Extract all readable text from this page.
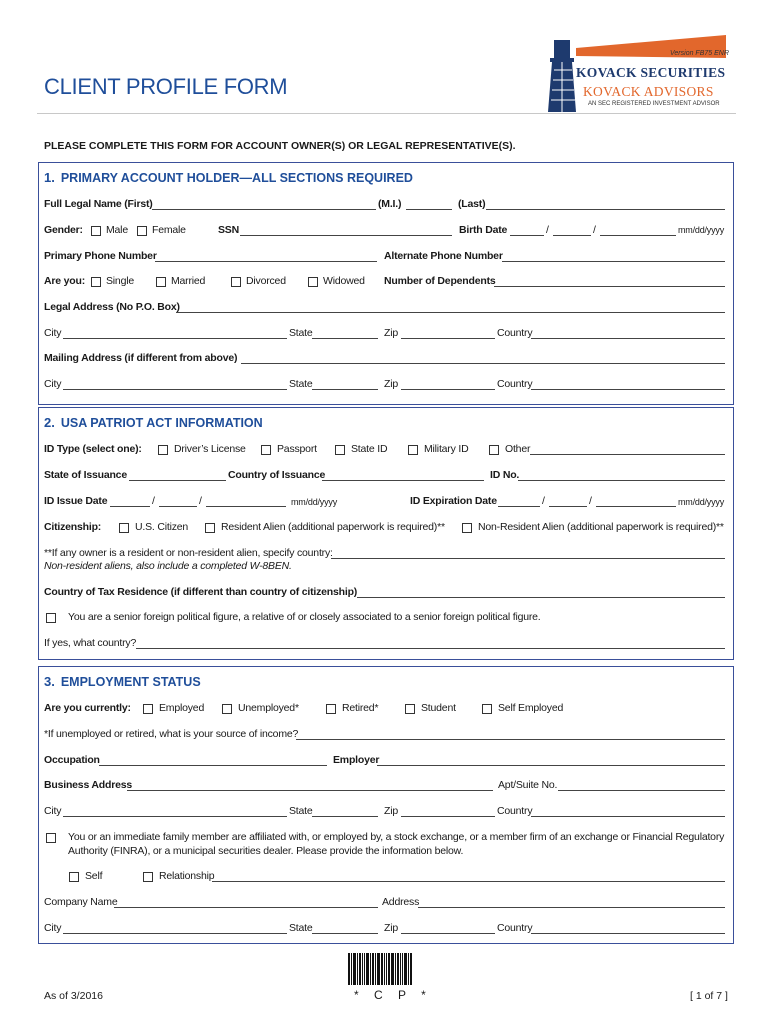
CLIENT PROFILE FORM
Version FB75 ENR
KOVACK SECURITIES
KOVACK ADVISORS
AN SEC REGISTERED INVESTMENT ADVISOR
PLEASE COMPLETE THIS FORM FOR ACCOUNT OWNER(S) OR LEGAL REPRESENTATIVE(S).
1. PRIMARY ACCOUNT HOLDER—ALL SECTIONS REQUIRED
Full Legal Name (First)	(M.I.)	(Last)
Gender: Male Female	SSN	Birth Date	/	/	mm/dd/yyyy
Primary Phone Number	Alternate Phone Number
Are you: Single	Married	Divorced	Widowed Number of Dependents
Legal Address (No P.O. Box)
City	State	Zip	Country
Mailing Address (if different from above)
City	State	Zip	Country
2. USA PATRIOT ACT INFORMATION
ID Type (select one):	Driver’s License	Passport	State ID	Military ID	Other
State of Issuance	Country of Issuance	ID No.
ID Issue Date	/	/	mm/dd/yyyy	ID Expiration Date	/	/	mm/dd/yyyy
Citizenship:	U.S. Citizen	Resident Alien (additional paperwork is required)**	Non-Resident Alien (additional paperwork is required)**
**If any owner is a resident or non-resident alien, specify country:
Non-resident aliens, also include a completed W-8BEN.
Country of Tax Residence (if different than country of citizenship)
You are a senior foreign political figure, a relative of or closely associated to a senior foreign political figure.
If yes, what country?
3. EMPLOYMENT STATUS
Are you currently:	Employed	Unemployed*	Retired*	Student	Self Employed
*If unemployed or retired, what is your source of income?
Occupation	Employer
Business Address	Apt/Suite No.
City	State	Zip	Country
You or an immediate family member are affiliated with, or employed by, a stock exchange, or a member firm of an exchange or Financial Regulatory
Authority (FINRA), or a municipal securities dealer. Please provide the information below.
Self	Relationship
Company Name	Address
City	State	Zip	Country
* C P *
As of 3/2016	[ 1 of 7 ]
